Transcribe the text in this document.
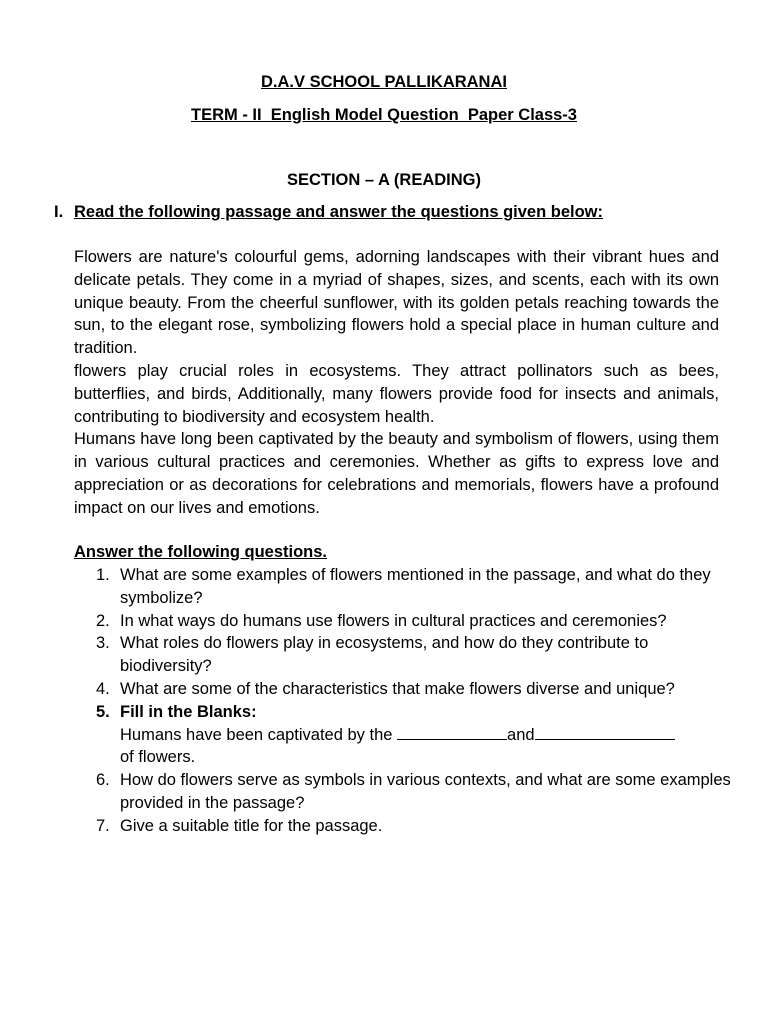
D.A.V SCHOOL PALLIKARANAI
TERM - II  English Model Question  Paper Class-3
SECTION – A (READING)
I. Read the following passage and answer the questions given below:

Flowers are nature's colourful gems, adorning landscapes with their vibrant hues and delicate petals. They come in a myriad of shapes, sizes, and scents, each with its own unique beauty. From the cheerful sunflower, with its golden petals reaching towards the sun, to the elegant rose, symbolizing flowers hold a special place in human culture and tradition.

flowers play crucial roles in ecosystems. They attract pollinators such as bees, butterflies, and birds, Additionally, many flowers provide food for insects and animals, contributing to biodiversity and ecosystem health.

Humans have long been captivated by the beauty and symbolism of flowers, using them in various cultural practices and ceremonies. Whether as gifts to express love and appreciation or as decorations for celebrations and memorials, flowers have a profound impact on our lives and emotions.

Answer the following questions.
1. What are some examples of flowers mentioned in the passage, and what do they symbolize?
2. In what ways do humans use flowers in cultural practices and ceremonies?
3. What roles do flowers play in ecosystems, and how do they contribute to biodiversity?
4. What are some of the characteristics that make flowers diverse and unique?
5. Fill in the Blanks:
Humans have been captivated by the	and
of flowers.
6. How do flowers serve as symbols in various contexts, and what are some examples provided in the passage?
7. Give a suitable title for the passage.
